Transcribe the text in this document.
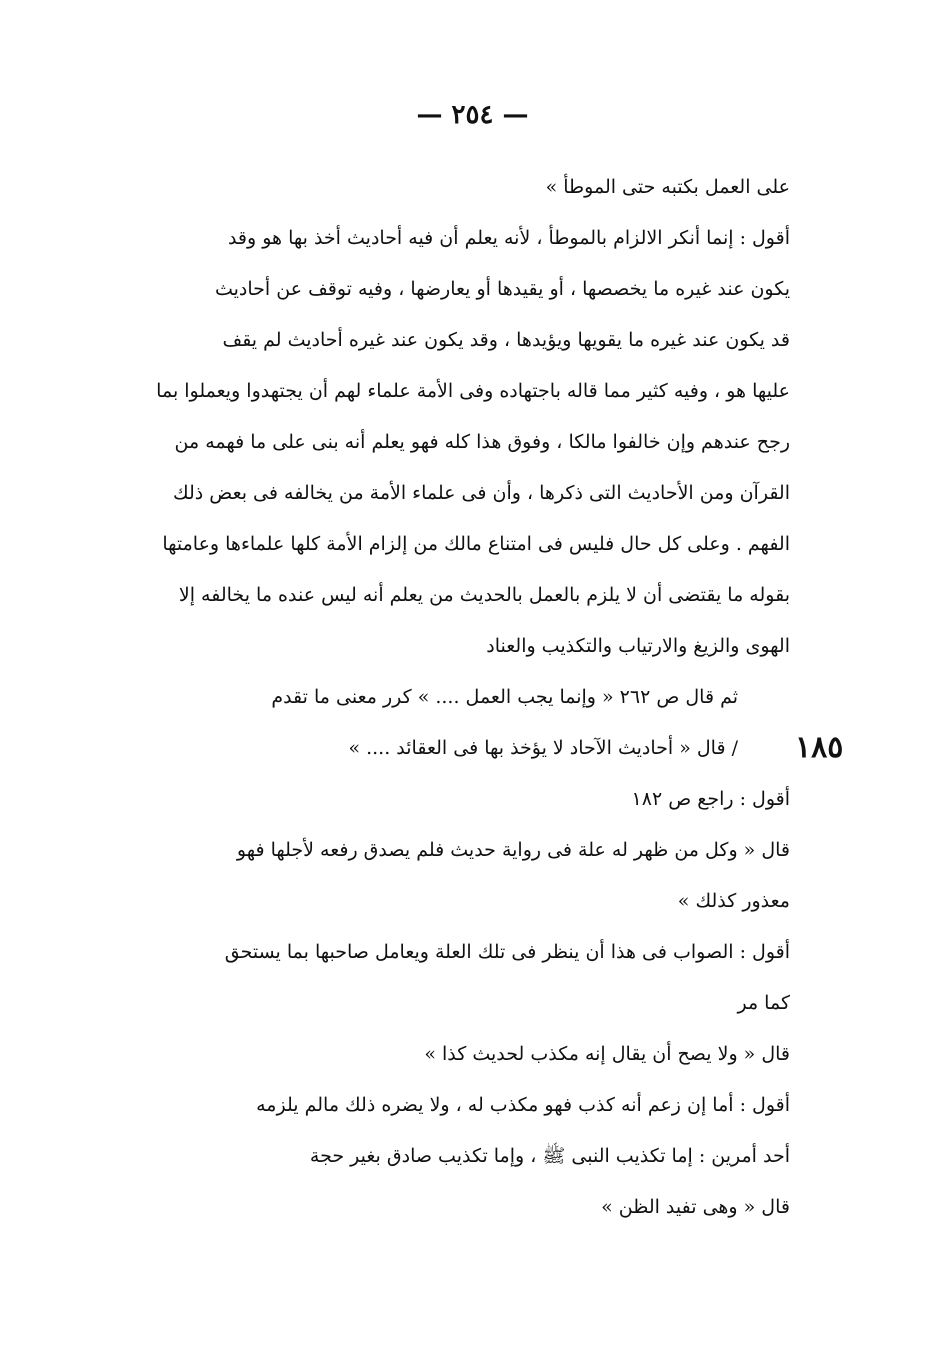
— ٢٥٤ —
١٨٥
على العمل بكتبه حتى الموطأ »
أقول : إنما أنكر الالزام بالموطأ ، لأنه يعلم أن فيه أحاديث أخذ بها هو وقد
يكون عند غيره ما يخصصها ، أو يقيدها أو يعارضها ، وفيه توقف عن أحاديث
قد يكون عند غيره ما يقويها ويؤيدها ، وقد يكون عند غيره أحاديث لم يقف
عليها هو ، وفيه كثير مما قاله باجتهاده وفى الأمة علماء لهم أن يجتهدوا ويعملوا بما
رجح عندهم وإن خالفوا مالكا ، وفوق هذا كله فهو يعلم أنه بنى على ما فهمه من
القرآن ومن الأحاديث التى ذكرها ، وأن فى علماء الأمة من يخالفه فى بعض ذلك
الفهم . وعلى كل حال فليس فى امتناع مالك من إلزام الأمة كلها علماءها وعامتها
بقوله ما يقتضى أن لا يلزم بالعمل بالحديث من يعلم أنه ليس عنده ما يخالفه إلا
الهوى والزيغ والارتياب والتكذيب والعناد
ثم قال ص ٢٦٢ « وإنما يجب العمل .... » كرر معنى ما تقدم
/ قال « أحاديث الآحاد لا يؤخذ بها فى العقائد .... »
أقول : راجع ص ١٨٢
قال « وكل من ظهر له علة فى رواية حديث فلم يصدق رفعه لأجلها فهو
معذور كذلك »
أقول : الصواب فى هذا أن ينظر فى تلك العلة ويعامل صاحبها بما يستحق
كما مر
قال « ولا يصح أن يقال إنه مكذب لحديث كذا »
أقول : أما إن زعم أنه كذب فهو مكذب له ، ولا يضره ذلك مالم يلزمه
أحد أمرين : إما تكذيب النبى ﷺ ، وإما تكذيب صادق بغير حجة
قال « وهى تفيد الظن »
